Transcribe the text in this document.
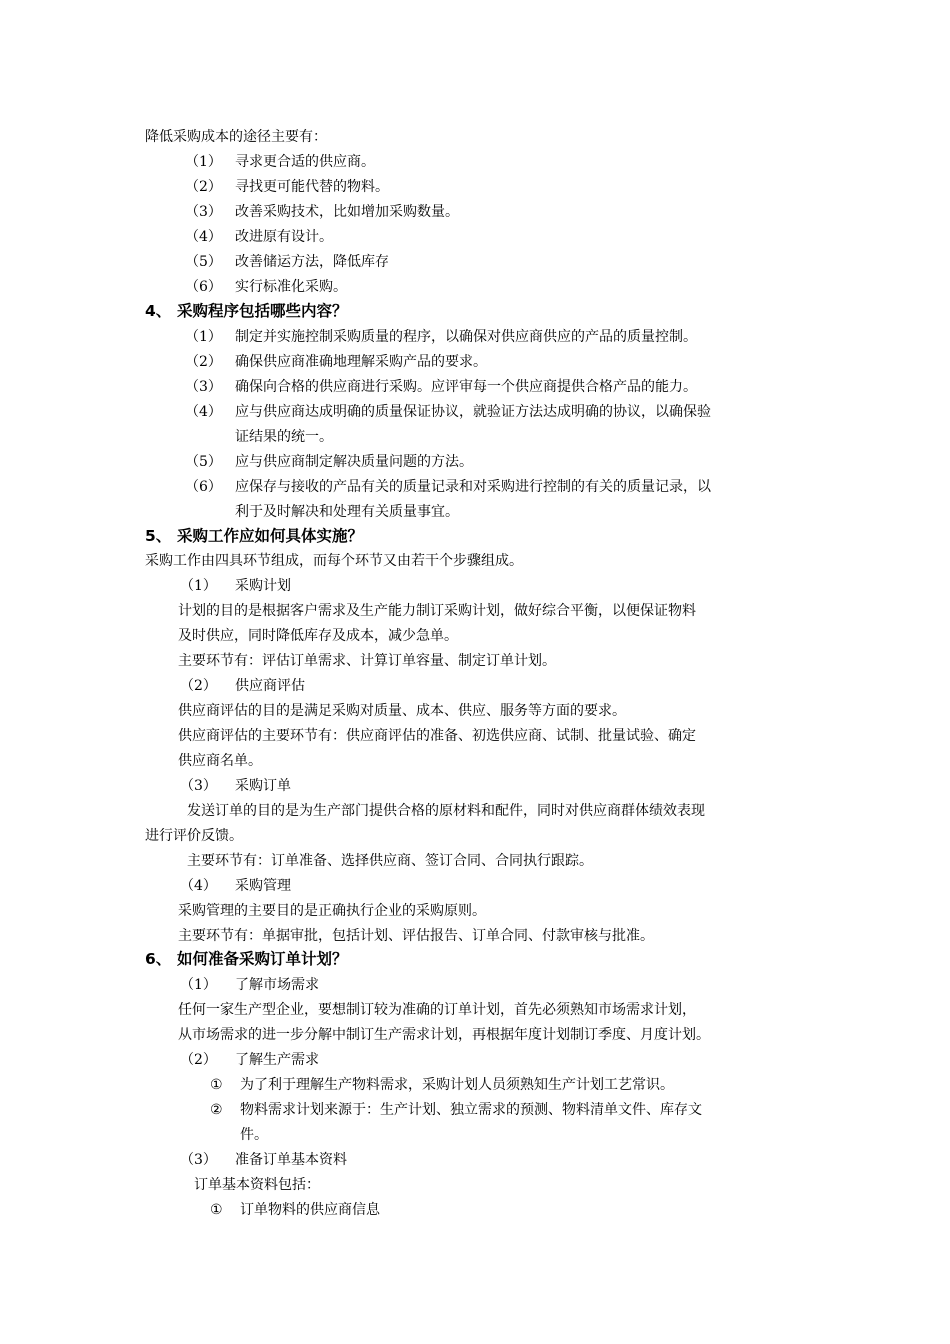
降低采购成本的途径主要有：
（1） 寻求更合适的供应商。
（2） 寻找更可能代替的物料。
（3） 改善采购技术，比如增加采购数量。
（4） 改进原有设计。
（5） 改善储运方法，降低库存
（6） 实行标准化采购。
4、 采购程序包括哪些内容？
（1） 制定并实施控制采购质量的程序，以确保对供应商供应的产品的质量控制。
（2） 确保供应商准确地理解采购产品的要求。
（3） 确保向合格的供应商进行采购。应评审每一个供应商提供合格产品的能力。
（4） 应与供应商达成明确的质量保证协议，就验证方法达成明确的协议，以确保验
证结果的统一。
（5） 应与供应商制定解决质量问题的方法。
（6） 应保存与接收的产品有关的质量记录和对采购进行控制的有关的质量记录，以
利于及时解决和处理有关质量事宜。
5、 采购工作应如何具体实施？
采购工作由四具环节组成，而每个环节又由若干个步骤组成。
（1） 采购计划
计划的目的是根据客户需求及生产能力制订采购计划，做好综合平衡，以便保证物料
及时供应，同时降低库存及成本，减少急单。
主要环节有：评估订单需求、计算订单容量、制定订单计划。
（2） 供应商评估
供应商评估的目的是满足采购对质量、成本、供应、服务等方面的要求。
供应商评估的主要环节有：供应商评估的准备、初选供应商、试制、批量试验、确定
供应商名单。
（3） 采购订单
发送订单的目的是为生产部门提供合格的原材料和配件，同时对供应商群体绩效表现
进行评价反馈。
主要环节有：订单准备、选择供应商、签订合同、合同执行跟踪。
（4） 采购管理
采购管理的主要目的是正确执行企业的采购原则。
主要环节有：单据审批，包括计划、评估报告、订单合同、付款审核与批准。
6、 如何准备采购订单计划？
（1） 了解市场需求
任何一家生产型企业，要想制订较为准确的订单计划，首先必须熟知市场需求计划，
从市场需求的进一步分解中制订生产需求计划，再根据年度计划制订季度、月度计划。
（2） 了解生产需求
① 为了利于理解生产物料需求，采购计划人员须熟知生产计划工艺常识。
② 物料需求计划来源于：生产计划、独立需求的预测、物料清单文件、库存文
件。
（3） 准备订单基本资料
订单基本资料包括：
① 订单物料的供应商信息
